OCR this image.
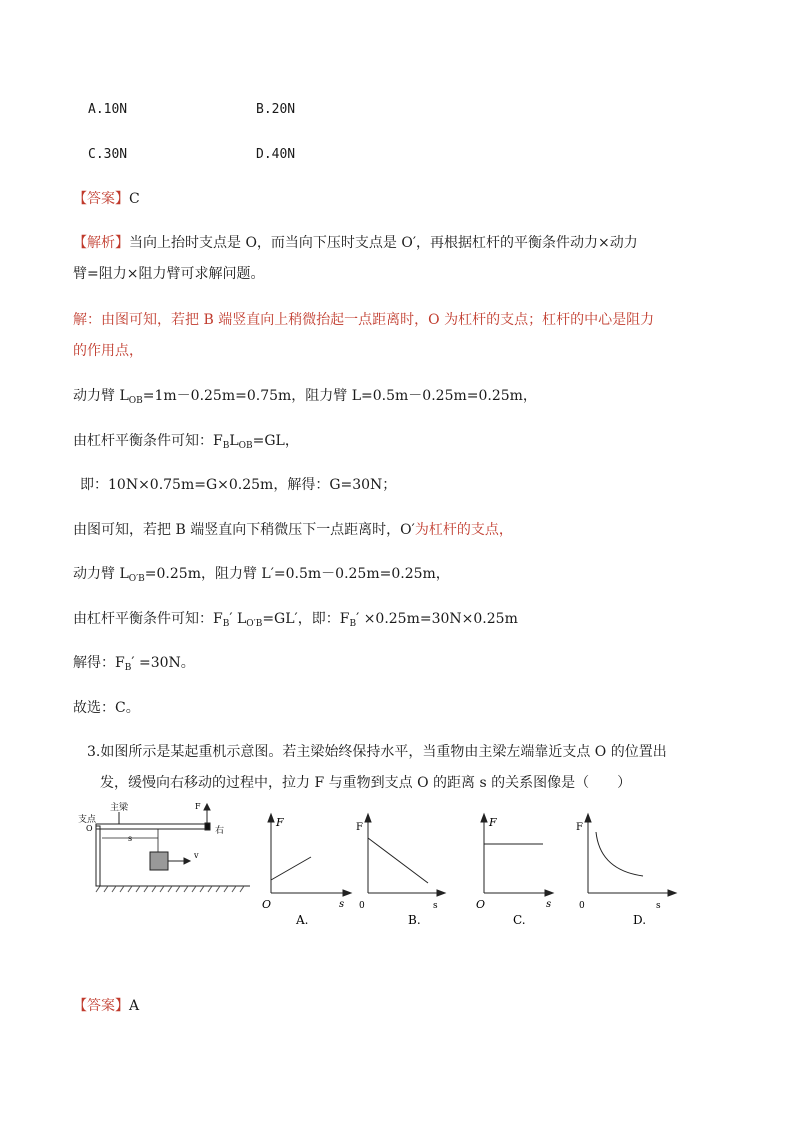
A.10N	B.20N
C.30N	D.40N
【答案】C
【解析】当向上抬时支点是 O，而当向下压时支点是 O′，再根据杠杆的平衡条件动力×动力
臂=阻力×阻力臂可求解问题。
解：由图可知，若把 B 端竖直向上稍微抬起一点距离时，O 为杠杆的支点；杠杆的中心是阻力
的作用点，
动力臂 $L_{OB}=1m-0.25m=0.75m$，阻力臂 L=0.5m－0.25m=0.25m，
由杠杆平衡条件可知：$F_BL_{OB}=GL$，
即：10N×0.75m=G×0.25m，解得：G=30N；
由图可知，若把 B 端竖直向下稍微压下一点距离时，O′为杠杆的支点，
动力臂 $L_{O'B}=0.25m$，阻力臂 L′=0.5m－0.25m=0.25m，
由杠杆平衡条件可知：$F_B'$ $L_{O'B}=GL'$，即：$F_B' \times 0.25m=30N\times 0.25m$
解得：$F_B' =30N$。
故选：C。
3.如图所示是某起重机示意图。若主梁始终保持水平，当重物由主梁左端靠近支点 O 的位置出
发，缓慢向右移动的过程中，拉力 F 与重物到支点 O 的距离 s 的关系图像是（　　）
支点
O
主梁	F
右
s
v
F
O	s
A.
F
0	s
B.
F
O	s
C.
F
0	s
D.
【答案】A
